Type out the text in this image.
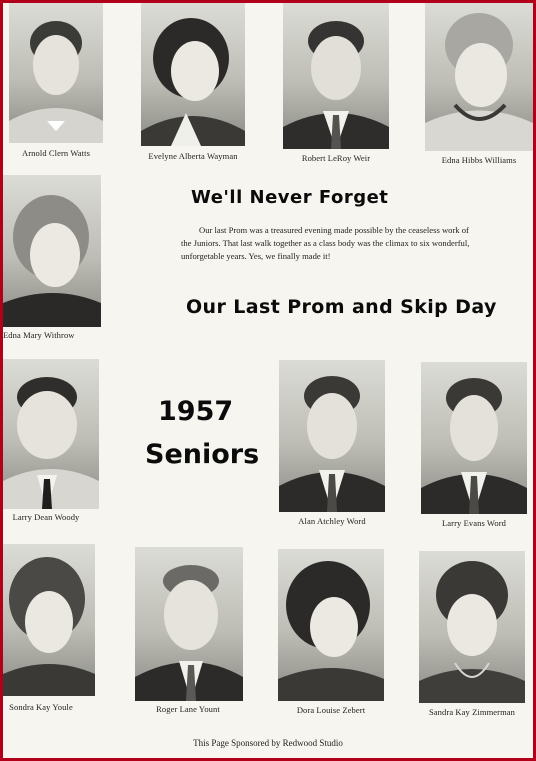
Arnold Clern Watts	Evelyne Alberta Wayman	Robert LeRoy Weir	Edna Hibbs Williams
Edna Mary Withrow
We'll Never Forget
Our last Prom was a treasured evening made possible by the ceaseless work of
the Juniors. That last walk together as a class body was the climax to six wonderful,
unforgetable years. Yes, we finally made it!
Our Last Prom and Skip Day
1957
Seniors
Larry Dean Woody	Alan Atchley Word	Larry Evans Word
Sondra Kay Youle	Roger Lane Yount	Dora Louise Zebert	Sandra Kay Zimmerman
This Page Sponsored by Redwood Studio
